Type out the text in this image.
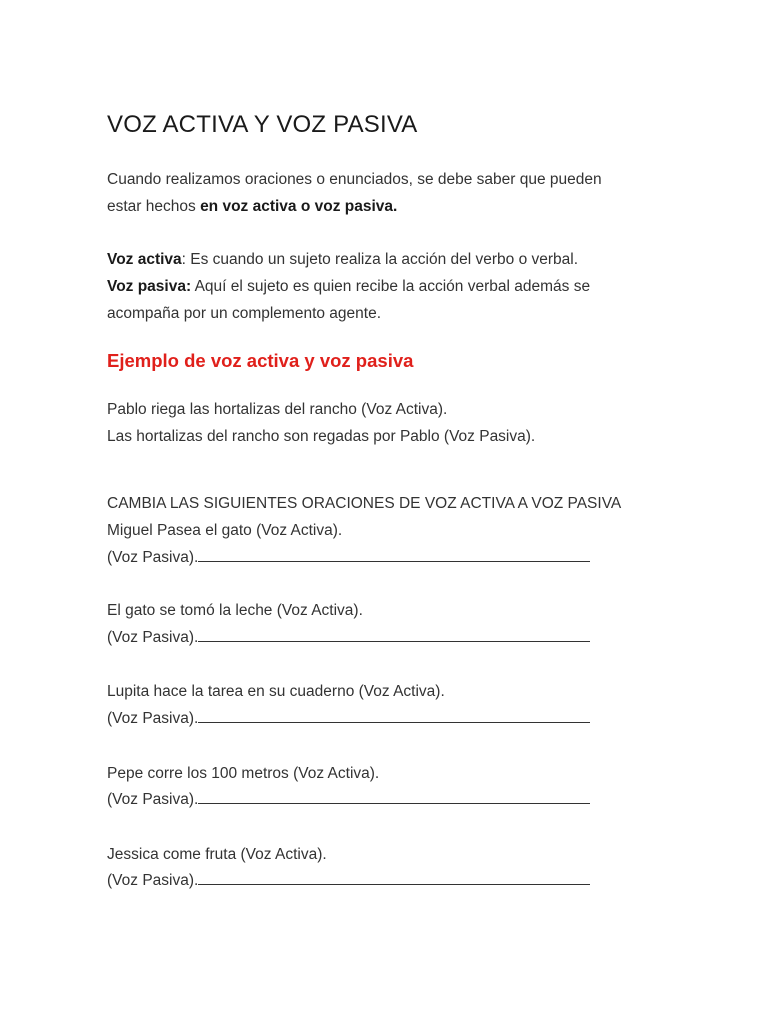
VOZ ACTIVA Y VOZ PASIVA
Cuando realizamos oraciones o enunciados, se debe saber que pueden
estar hechos en voz activa o voz pasiva.
Voz activa: Es cuando un sujeto realiza la acción del verbo o verbal.
Voz pasiva: Aquí el sujeto es quien recibe la acción verbal además se
acompaña por un complemento agente.
Ejemplo de voz activa y voz pasiva
Pablo riega las hortalizas del rancho (Voz Activa).
Las hortalizas del rancho son regadas por Pablo (Voz Pasiva).
CAMBIA LAS SIGUIENTES ORACIONES DE VOZ ACTIVA A VOZ PASIVA
Miguel Pasea el gato (Voz Activa).
(Voz Pasiva).
El gato se tomó la leche (Voz Activa).
(Voz Pasiva).
Lupita hace la tarea en su cuaderno (Voz Activa).
(Voz Pasiva).
Pepe corre los 100 metros (Voz Activa).
(Voz Pasiva).
Jessica come fruta (Voz Activa).
(Voz Pasiva).
